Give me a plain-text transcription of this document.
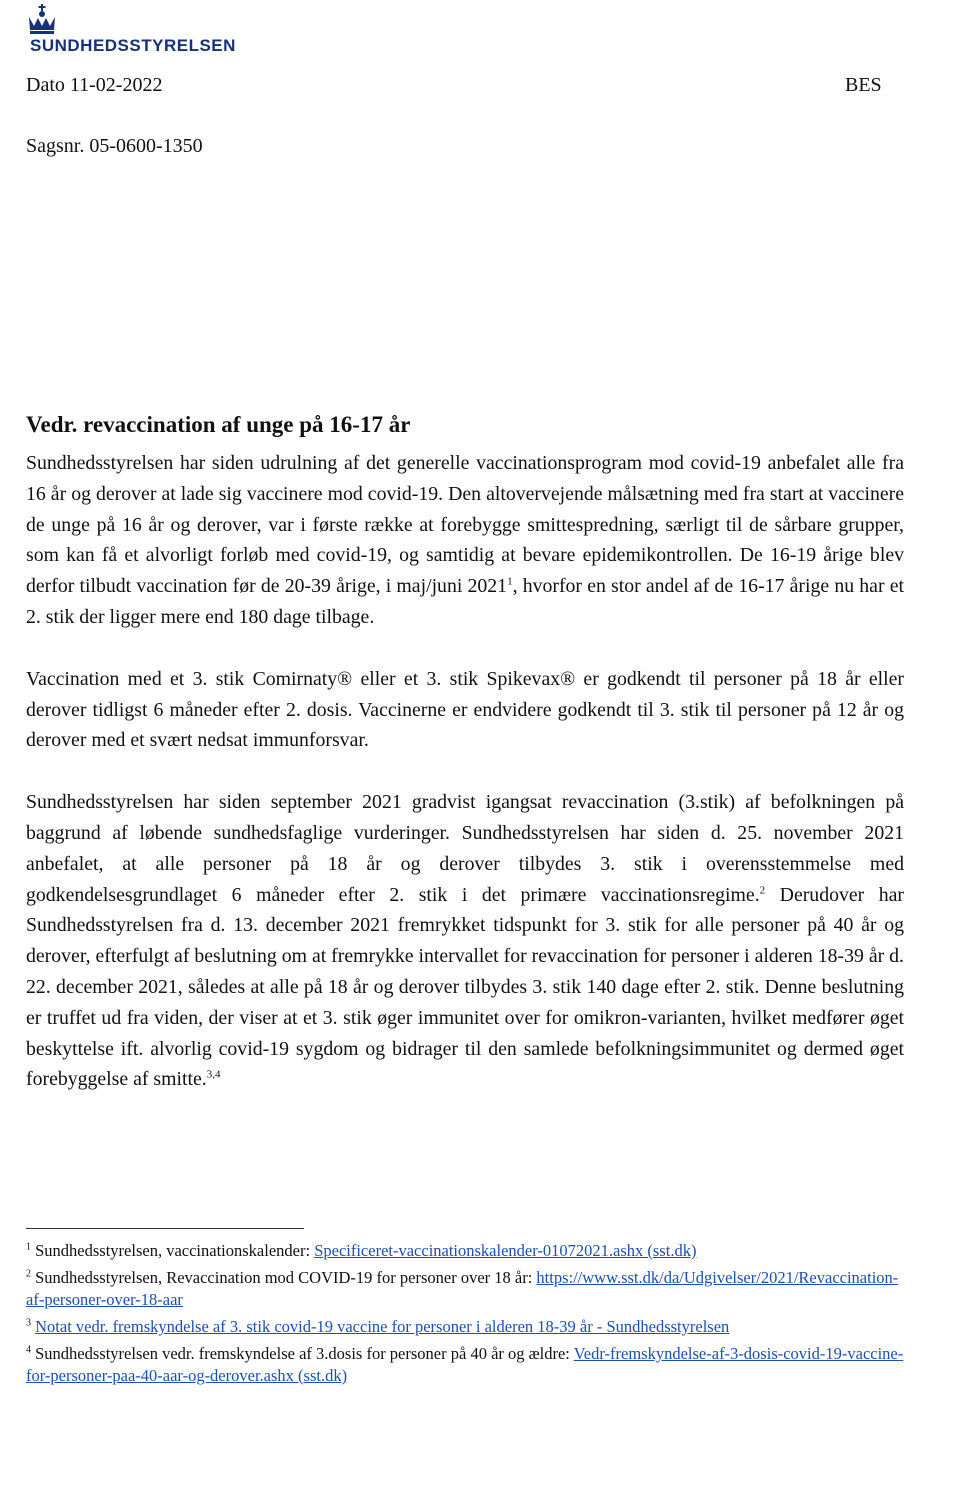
SUNDHEDSSTYRELSEN
Dato 11-02-2022	BES
Sagsnr. 05-0600-1350
Vedr. revaccination af unge på 16-17 år

Sundhedsstyrelsen har siden udrulning af det generelle vaccinationsprogram mod covid-19 anbefalet alle fra 16 år og derover at lade sig vaccinere mod covid-19. Den altovervejende målsætning med fra start at vaccinere de unge på 16 år og derover, var i første række at forebygge smittespredning, særligt til de sårbare grupper, som kan få et alvorligt forløb med covid-19, og samtidig at bevare epidemikontrollen. De 16-19 årige blev derfor tilbudt vaccination før de 20-39 årige, i maj/juni 2021$^1$, hvorfor en stor andel af de 16-17 årige nu har et 2. stik der ligger mere end 180 dage tilbage.

Vaccination med et 3. stik Comirnaty® eller et 3. stik Spikevax® er godkendt til personer på 18 år eller derover tidligst 6 måneder efter 2. dosis. Vaccinerne er endvidere godkendt til 3. stik til personer på 12 år og derover med et svært nedsat immunforsvar.

Sundhedsstyrelsen har siden september 2021 gradvist igangsat revaccination (3.stik) af befolkningen på baggrund af løbende sundhedsfaglige vurderinger. Sundhedsstyrelsen har siden d. 25. november 2021 anbefalet, at alle personer på 18 år og derover tilbydes 3. stik i overensstemmelse med godkendelsesgrundlaget 6 måneder efter 2. stik i det primære vaccinationsregime.$^2$ Derudover har Sundhedsstyrelsen fra d. 13. december 2021 fremrykket tidspunkt for 3. stik for alle personer på 40 år og derover, efterfulgt af beslutning om at fremrykke intervallet for revaccination for personer i alderen 18-39 år d. 22. december 2021, således at alle på 18 år og derover tilbydes 3. stik 140 dage efter 2. stik. Denne beslutning er truffet ud fra viden, der viser at et 3. stik øger immunitet over for omikron-varianten, hvilket medfører øget beskyttelse ift. alvorlig covid-19 sygdom og bidrager til den samlede befolkningsimmunitet og dermed øget forebyggelse af smitte.$^{3,4}$

$^1$ Sundhedsstyrelsen, vaccinationskalender: Specificeret-vaccinationskalender-01072021.ashx (sst.dk)

$^2$ Sundhedsstyrelsen, Revaccination mod COVID-19 for personer over 18 år: https://www.sst.dk/da/Udgivelser/2021/Revaccination-af-personer-over-18-aar

$^3$ Notat vedr. fremskyndelse af 3. stik covid-19 vaccine for personer i alderen 18-39 år - Sundhedsstyrelsen

$^4$ Sundhedsstyrelsen vedr. fremskyndelse af 3.dosis for personer på 40 år og ældre: Vedr-fremskyndelse-af-3-dosis-covid-19-vaccine-for-personer-paa-40-aar-og-derover.ashx (sst.dk)
